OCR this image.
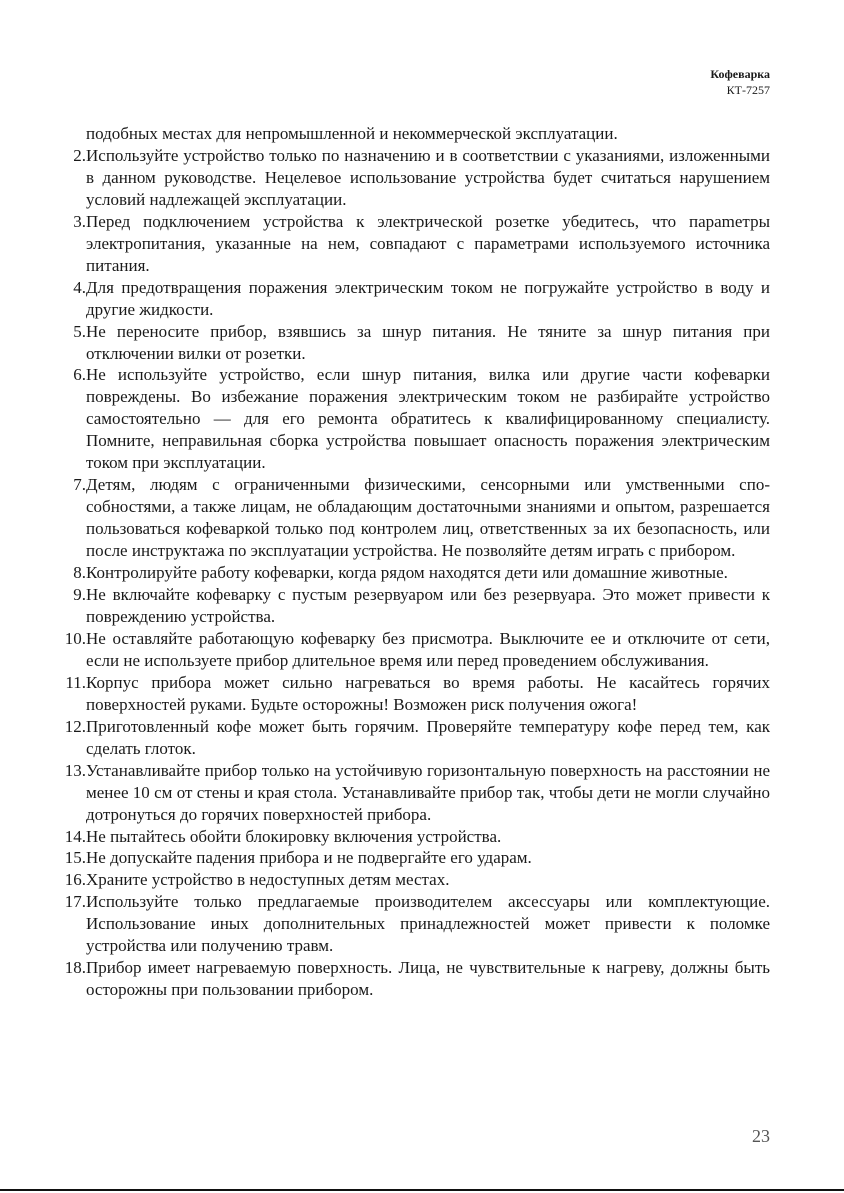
Кофеварка
КТ-7257

подобных местах для непромышленной и некоммерческой эксплуатации.

2. Используйте устройство только по назначению и в соответствии с указаниями, изложенными в данном руководстве. Нецелевое использование устройства будет считаться нарушением условий надлежащей эксплуатации.
3. Перед подключением устройства к электрической розетке убедитесь, что параmетры электропитания, указанные на нем, совпадают с параметрами используемого источника питания.
4. Для предотвращения поражения электрическим током не погружайте устройство в воду и другие жидкости.
5. Не переносите прибор, взявшись за шнур питания. Не тяните за шнур питания при отключении вилки от розетки.
6. Не используйте устройство, если шнур питания, вилка или другие части кофеварки повреждены. Во избежание поражения электрическим током не разбирайте устройство самостоятельно — для его ремонта обратитесь к квалифицированному специалисту. Помните, неправильная сборка устройства повышает опасность поражения электрическим током при эксплуатации.
7. Детям, людям с ограниченными физическими, сенсорными или умственными способностями, а также лицам, не обладающим достаточными знаниями и опытом, разрешается пользоваться кофеваркой только под контролем лиц, ответственных за их безопасность, или после инструктажа по эксплуатации устройства. Не позволяйте детям играть с прибором.
8. Контролируйте работу кофеварки, когда рядом находятся дети или домашние животные.
9. Не включайте кофеварку с пустым резервуаром или без резервуара. Это может привести к повреждению устройства.
10. Не оставляйте работающую кофеварку без присмотра. Выключите ее и отключите от сети, если не используете прибор длительное время или перед проведением обслуживания.
11. Корпус прибора может сильно нагреваться во время работы. Не касайтесь горячих поверхностей руками. Будьте осторожны! Возможен риск получения ожога!
12. Приготовленный кофе может быть горячим. Проверяйте температуру кофе перед тем, как сделать глоток.
13. Устанавливайте прибор только на устойчивую горизонтальную поверхность на расстоянии не менее 10 см от стены и края стола. Устанавливайте прибор так, чтобы дети не могли случайно дотронуться до горячих поверхностей прибора.
14. Не пытайтесь обойти блокировку включения устройства.
15. Не допускайте падения прибора и не подвергайте его ударам.
16. Храните устройство в недоступных детям местах.
17. Используйте только предлагаемые производителем аксессуары или комплектующие. Использование иных дополнительных принадлежностей может привести к поломке устройства или получению травм.
18. Прибор имеет нагреваемую поверхность. Лица, не чувствительные к нагреву, должны быть осторожны при пользовании прибором.
23
